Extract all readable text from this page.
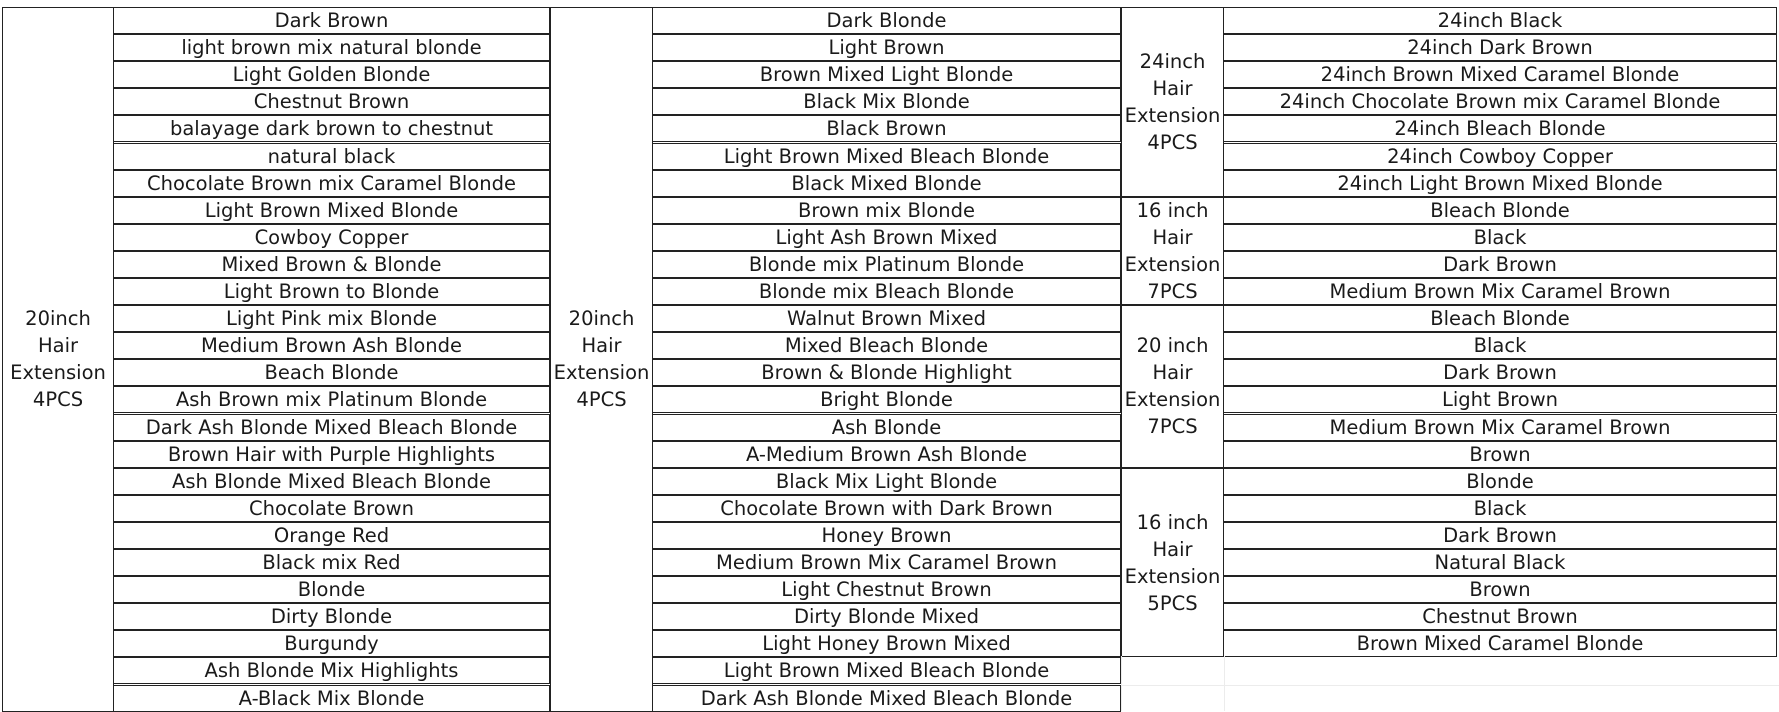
20inch
Hair
Extension
4PCS
Dark Brown
light brown mix natural blonde
Light Golden Blonde
Chestnut Brown
balayage dark brown to chestnut
natural black
Chocolate Brown mix Caramel Blonde
Light Brown Mixed Blonde
Cowboy Copper
Mixed Brown & Blonde
Light Brown to Blonde
Light Pink mix Blonde
Medium Brown Ash Blonde
Beach Blonde
Ash Brown mix Platinum Blonde
Dark Ash Blonde Mixed Bleach Blonde
Brown Hair with Purple Highlights
Ash Blonde Mixed Bleach Blonde
Chocolate Brown
Orange Red
Black mix Red
Blonde
Dirty Blonde
Burgundy
Ash Blonde Mix Highlights
A-Black Mix Blonde
20inch
Hair
Extension
4PCS
Dark Blonde
Light Brown
Brown Mixed Light Blonde
Black Mix Blonde
Black Brown
Light Brown Mixed Bleach Blonde
Black Mixed Blonde
Brown mix Blonde
Light Ash Brown Mixed
Blonde mix Platinum Blonde
Blonde mix Bleach Blonde
Walnut Brown Mixed
Mixed Bleach Blonde
Brown & Blonde Highlight
Bright Blonde
Ash Blonde
A-Medium Brown Ash Blonde
Black Mix Light Blonde
Chocolate Brown with Dark Brown
Honey Brown
Medium Brown Mix Caramel Brown
Light Chestnut Brown
Dirty Blonde Mixed
Light Honey Brown Mixed
Light Brown Mixed Bleach Blonde
Dark Ash Blonde Mixed Bleach Blonde
24inch
Hair
Extension
4PCS
16 inch
Hair
Extension
7PCS
20 inch
Hair
Extension
7PCS
16 inch
Hair
Extension
5PCS
24inch Black
24inch Dark Brown
24inch Brown Mixed Caramel Blonde
24inch Chocolate Brown mix Caramel Blonde
24inch Bleach Blonde
24inch Cowboy Copper
24inch Light Brown Mixed Blonde
Bleach Blonde
Black
Dark Brown
Medium Brown Mix Caramel Brown
Bleach Blonde
Black
Dark Brown
Light Brown
Medium Brown Mix Caramel Brown
Brown
Blonde
Black
Dark Brown
Natural Black
Brown
Chestnut Brown
Brown Mixed Caramel Blonde
